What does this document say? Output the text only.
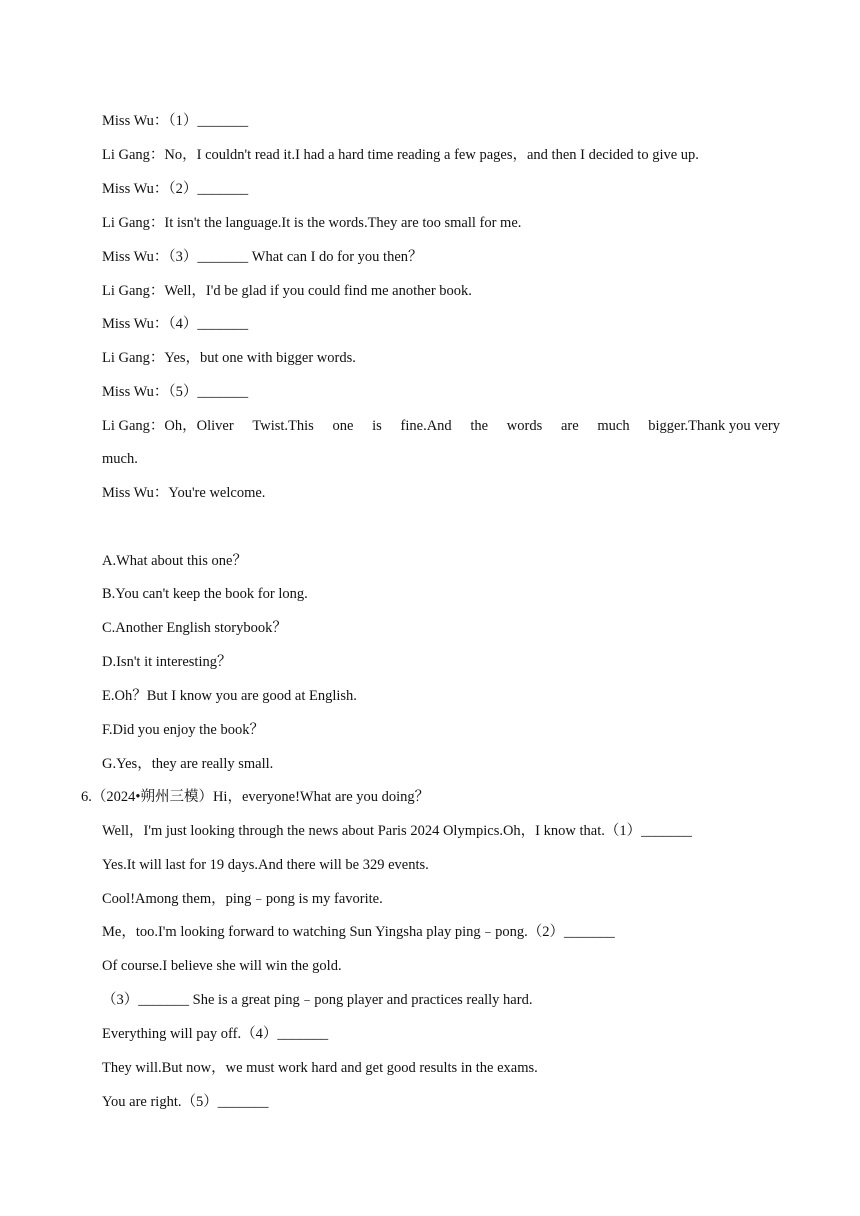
Miss Wu：（1）_______
Li Gang：No，I couldn't read it.I had a hard time reading a few pages，and then I decided to give up.
Miss Wu：（2）_______
Li Gang：It isn't the language.It is the words.They are too small for me.
Miss Wu：（3）_______ What can I do for you then？
Li Gang：Well，I'd be glad if you could find me another book.
Miss Wu：（4）_______
Li Gang：Yes，but one with bigger words.
Miss Wu：（5）_______
Li Gang：Oh，Oliver Twist.This one is fine.And the words are much bigger.Thank you very
much.
Miss Wu：You're welcome.
A.What about this one？
B.You can't keep the book for long.
C.Another English storybook？
D.Isn't it interesting？
E.Oh？But I know you are good at English.
F.Did you enjoy the book？
G.Yes，they are really small.
6.（2024•朔州三模）Hi，everyone!What are you doing？
Well，I'm just looking through the news about Paris 2024 Olympics.Oh，I know that.（1）_______
Yes.It will last for 19 days.And there will be 329 events.
Cool!Among them，ping﹣pong is my favorite.
Me，too.I'm looking forward to watching Sun Yingsha play ping﹣pong.（2）_______
Of course.I believe she will win the gold.
（3）_______ She is a great ping﹣pong player and practices really hard.
Everything will pay off.（4）_______
They will.But now，we must work hard and get good results in the exams.
You are right.（5）_______
